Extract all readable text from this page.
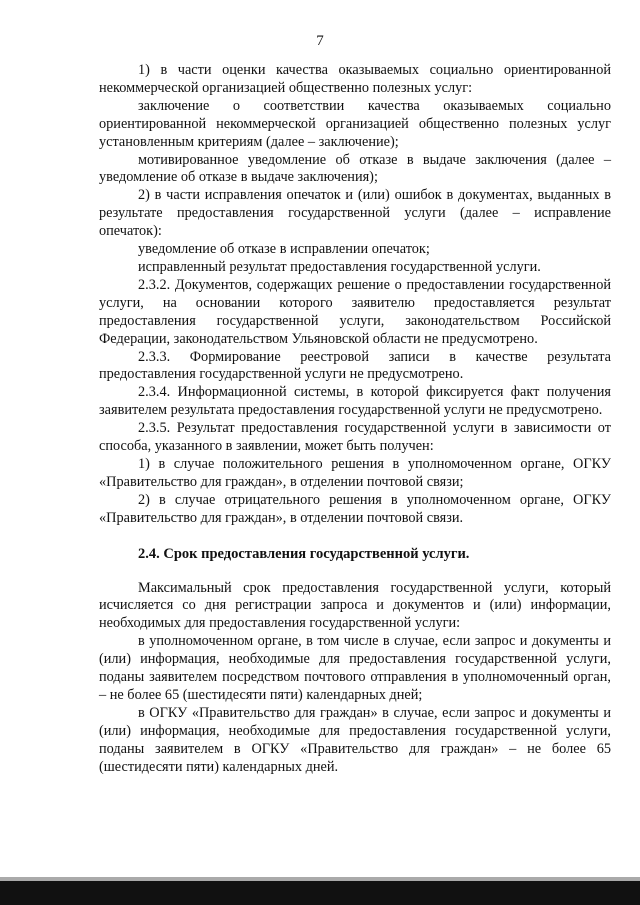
7

1) в части оценки качества оказываемых социально ориентированной некоммерческой организацией общественно полезных услуг:

заключение о соответствии качества оказываемых социально ориентированной некоммерческой организацией общественно полезных услуг установленным критериям (далее – заключение);

мотивированное уведомление об отказе в выдаче заключения (далее – уведомление об отказе в выдаче заключения);

2) в части исправления опечаток и (или) ошибок в документах, выданных в результате предоставления государственной услуги (далее – исправление опечаток):

уведомление об отказе в исправлении опечаток;

исправленный результат предоставления государственной услуги.

2.3.2. Документов, содержащих решение о предоставлении государственной услуги, на основании которого заявителю предоставляется результат предоставления государственной услуги, законодательством Российской Федерации, законодательством Ульяновской области не предусмотрено.

2.3.3. Формирование реестровой записи в качестве результата предоставления государственной услуги не предусмотрено.

2.3.4. Информационной системы, в которой фиксируется факт получения заявителем результата предоставления государственной услуги не предусмотрено.

2.3.5. Результат предоставления государственной услуги в зависимости от способа, указанного в заявлении, может быть получен:

1) в случае положительного решения в уполномоченном органе, ОГКУ «Правительство для граждан», в отделении почтовой связи;

2) в случае отрицательного решения в уполномоченном органе, ОГКУ «Правительство для граждан», в отделении почтовой связи.

2.4. Срок предоставления государственной услуги.

Максимальный срок предоставления государственной услуги, который исчисляется со дня регистрации запроса и документов и (или) информации, необходимых для предоставления государственной услуги:

в уполномоченном органе, в том числе в случае, если запрос и документы и (или) информация, необходимые для предоставления государственной услуги, поданы заявителем посредством почтового отправления в уполномоченный орган, – не более 65 (шестидесяти пяти) календарных дней;

в ОГКУ «Правительство для граждан» в случае, если запрос и документы и (или) информация, необходимые для предоставления государственной услуги, поданы заявителем в ОГКУ «Правительство для граждан» – не более 65 (шестидесяти пяти) календарных дней.
